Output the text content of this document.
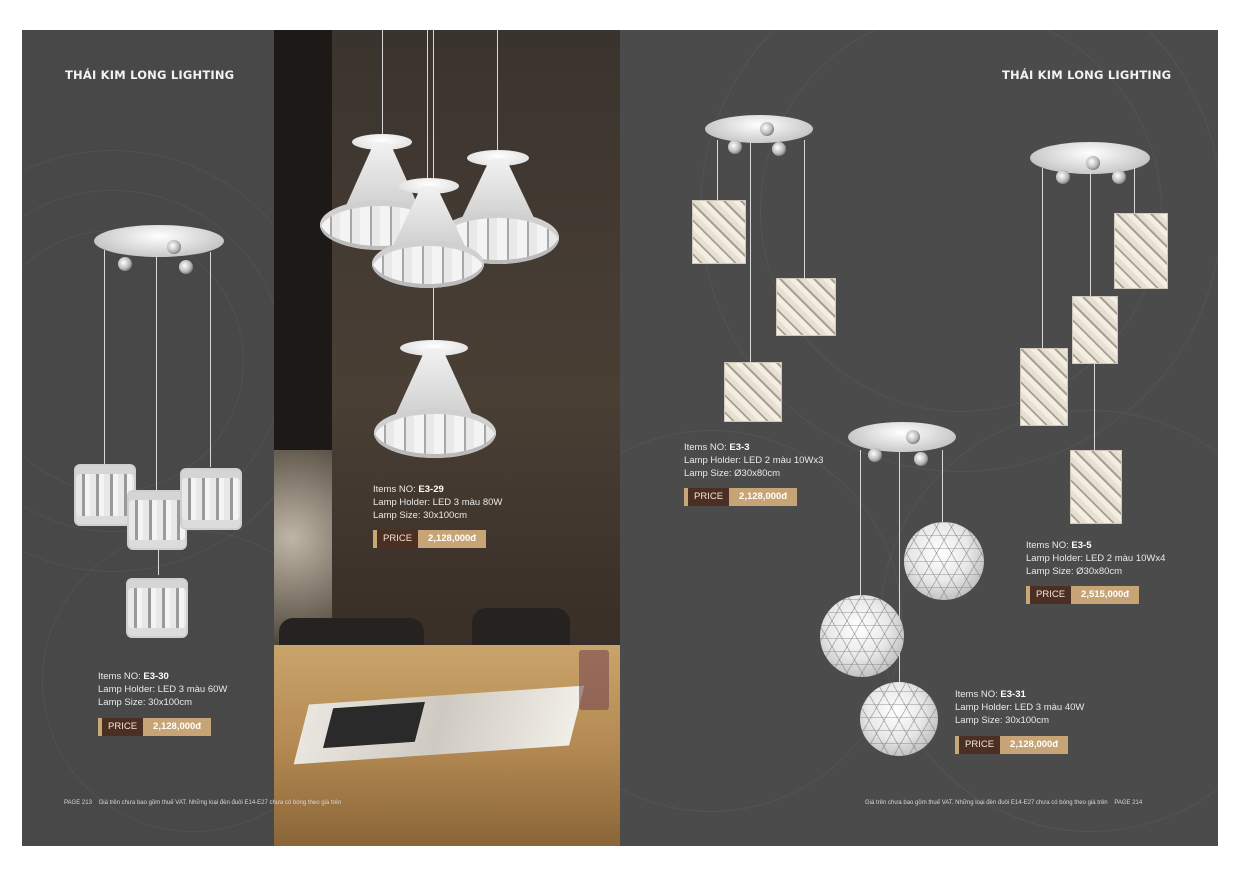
THÁI KIM LONG LIGHTING	THÁI KIM LONG LIGHTING
Items NO: E3-30
Lamp Holder: LED 3 màu 60W
Lamp Size: 30x100cm
PRICE	2,128,000đ
Items NO: E3-29
Lamp Holder: LED 3 màu 80W
Lamp Size: 30x100cm
PRICE	2,128,000đ
Items NO: E3-3
Lamp Holder: LED 2 màu 10Wx3
Lamp Size: Ø30x80cm
PRICE	2,128,000đ
Items NO: E3-5
Lamp Holder: LED 2 màu 10Wx4
Lamp Size: Ø30x80cm
PRICE	2,515,000đ
Items NO: E3-31
Lamp Holder: LED 3 màu 40W
Lamp Size: 30x100cm
PRICE	2,128,000đ
PAGE 213 Giá trên chưa bao gồm thuế VAT. Những loại đèn đuôi E14-E27 chưa có bóng theo giá trên	Giá trên chưa bao gồm thuế VAT. Những loại đèn đuôi E14-E27 chưa có bóng theo giá trên PAGE 214
